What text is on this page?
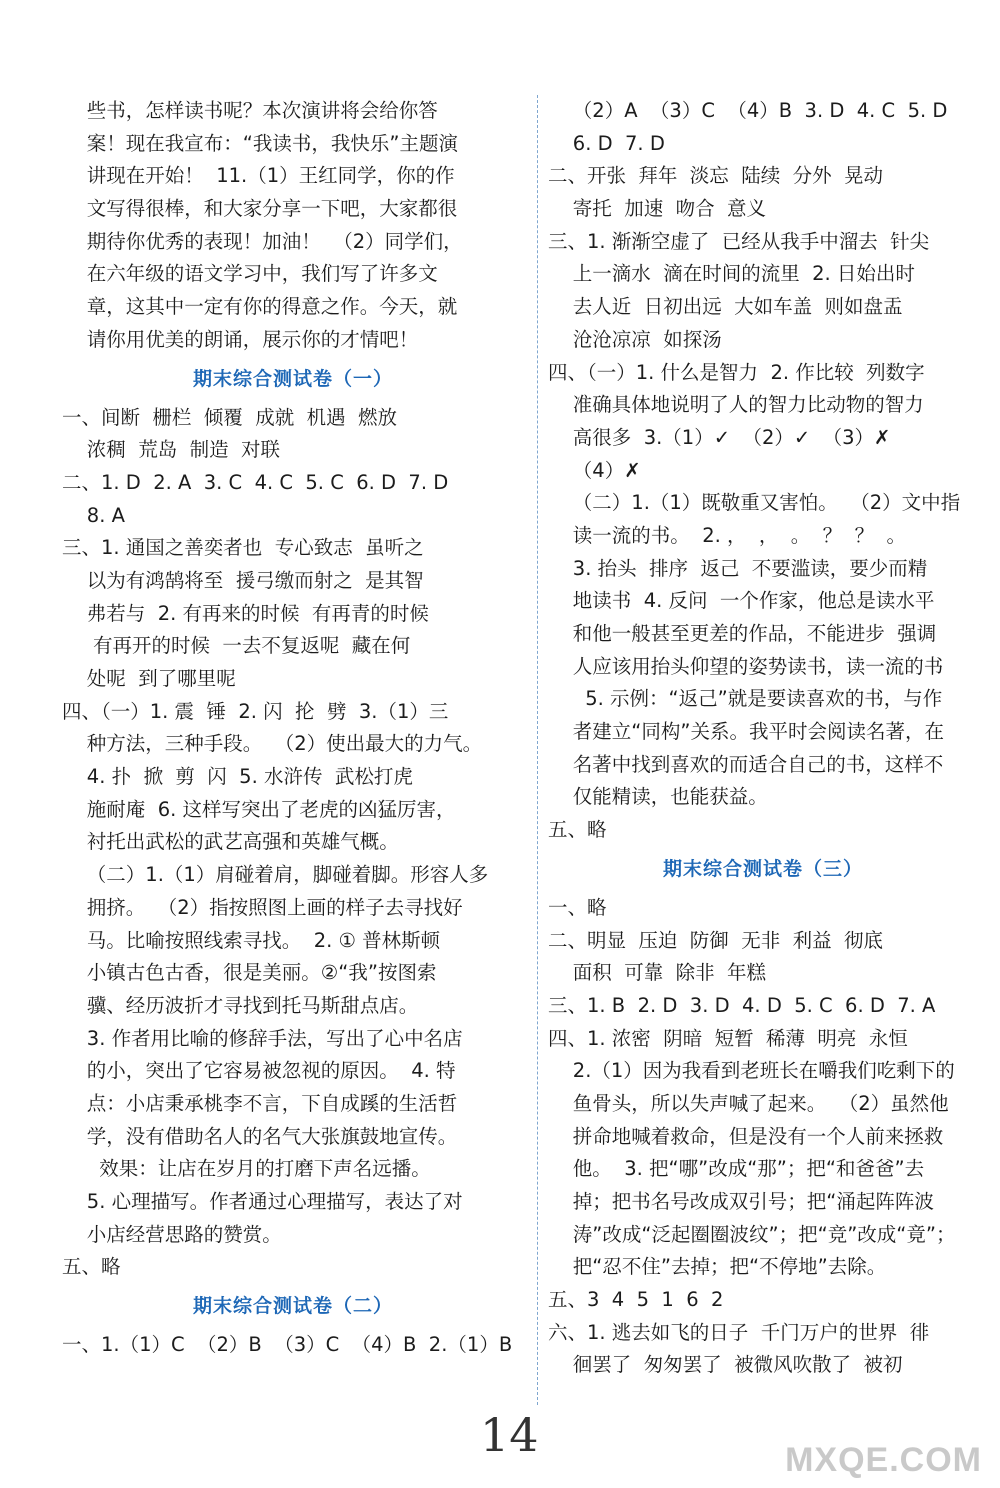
些书，怎样读书呢？本次演讲将会给你答
案！现在我宣布：“我读书，我快乐”主题演
讲现在开始！  11.（1）王红同学，你的作
文写得很棒，和大家分享一下吧，大家都很
期待你优秀的表现！加油！  （2）同学们，
在六年级的语文学习中，我们写了许多文
章，这其中一定有你的得意之作。今天，就
请你用优美的朗诵，展示你的才情吧！
期末综合测试卷（一）
一、间断  栅栏  倾覆  成就  机遇  燃放
浓稠  荒岛  制造  对联
二、1. D  2. A  3. C  4. C  5. C  6. D  7. D
8. A
三、1. 通国之善奕者也  专心致志  虽听之
以为有鸿鹄将至  援弓缴而射之  是其智
弗若与  2. 有再来的时候  有再青的时候
有再开的时候  一去不复返呢  藏在何
处呢  到了哪里呢
四、（一）1. 震  锤  2. 闪  抡  劈  3.（1）三
种方法，三种手段。  （2）使出最大的力气。
4. 扑  掀  剪  闪  5. 水浒传  武松打虎
施耐庵  6. 这样写突出了老虎的凶猛厉害，
衬托出武松的武艺高强和英雄气概。
（二）1.（1）肩碰着肩，脚碰着脚。形容人多
拥挤。  （2）指按照图上画的样子去寻找好
马。比喻按照线索寻找。  2. ① 普林斯顿
小镇古色古香，很是美丽。②“我”按图索
骥、经历波折才寻找到托马斯甜点店。
3. 作者用比喻的修辞手法，写出了心中名店
的小，突出了它容易被忽视的原因。  4. 特
点：小店秉承桃李不言，下自成蹊的生活哲
学，没有借助名人的名气大张旗鼓地宣传。
效果：让店在岁月的打磨下声名远播。
5. 心理描写。作者通过心理描写，表达了对
小店经营思路的赞赏。
五、略
期末综合测试卷（二）
一、1.（1）C  （2）B  （3）C  （4）B  2.（1）B
（2）A  （3）C  （4）B  3. D  4. C  5. D
6. D  7. D
二、开张  拜年  淡忘  陆续  分外  晃动
寄托  加速  吻合  意义
三、1. 渐渐空虚了  已经从我手中溜去  针尖
上一滴水  滴在时间的流里  2. 日始出时
去人近  日初出远  大如车盖  则如盘盂
沧沧凉凉  如探汤
四、（一）1. 什么是智力  2. 作比较  列数字
准确具体地说明了人的智力比动物的智力
高很多  3.（1）✓  （2）✓  （3）✗
（4）✗
（二）1.（1）既敬重又害怕。  （2）文中指
读一流的书。  2. ，  ，  。  ？  ？  。
3. 抬头  排序  返己  不要滥读，要少而精
地读书  4. 反问  一个作家，他总是读水平
和他一般甚至更差的作品，不能进步  强调
人应该用抬头仰望的姿势读书，读一流的书
5. 示例：“返己”就是要读喜欢的书，与作
者建立“同构”关系。我平时会阅读名著，在
名著中找到喜欢的而适合自己的书，这样不
仅能精读，也能获益。
五、略
期末综合测试卷（三）
一、略
二、明显  压迫  防御  无非  利益  彻底
面积  可靠  除非  年糕
三、1. B  2. D  3. D  4. D  5. C  6. D  7. A
四、1. 浓密  阴暗  短暂  稀薄  明亮  永恒
2.（1）因为我看到老班长在嚼我们吃剩下的
鱼骨头，所以失声喊了起来。  （2）虽然他
拼命地喊着救命，但是没有一个人前来拯救
他。  3. 把“哪”改成“那”；把“和爸爸”去
掉；把书名号改成双引号；把“涌起阵阵波
涛”改成“泛起圈圈波纹”；把“竞”改成“竟”；
把“忍不住”去掉；把“不停地”去除。
五、3  4  5  1  6  2
六、1. 逃去如飞的日子  千门万户的世界  徘
徊罢了  匆匆罢了  被微风吹散了  被初
14	MXQE.COM
